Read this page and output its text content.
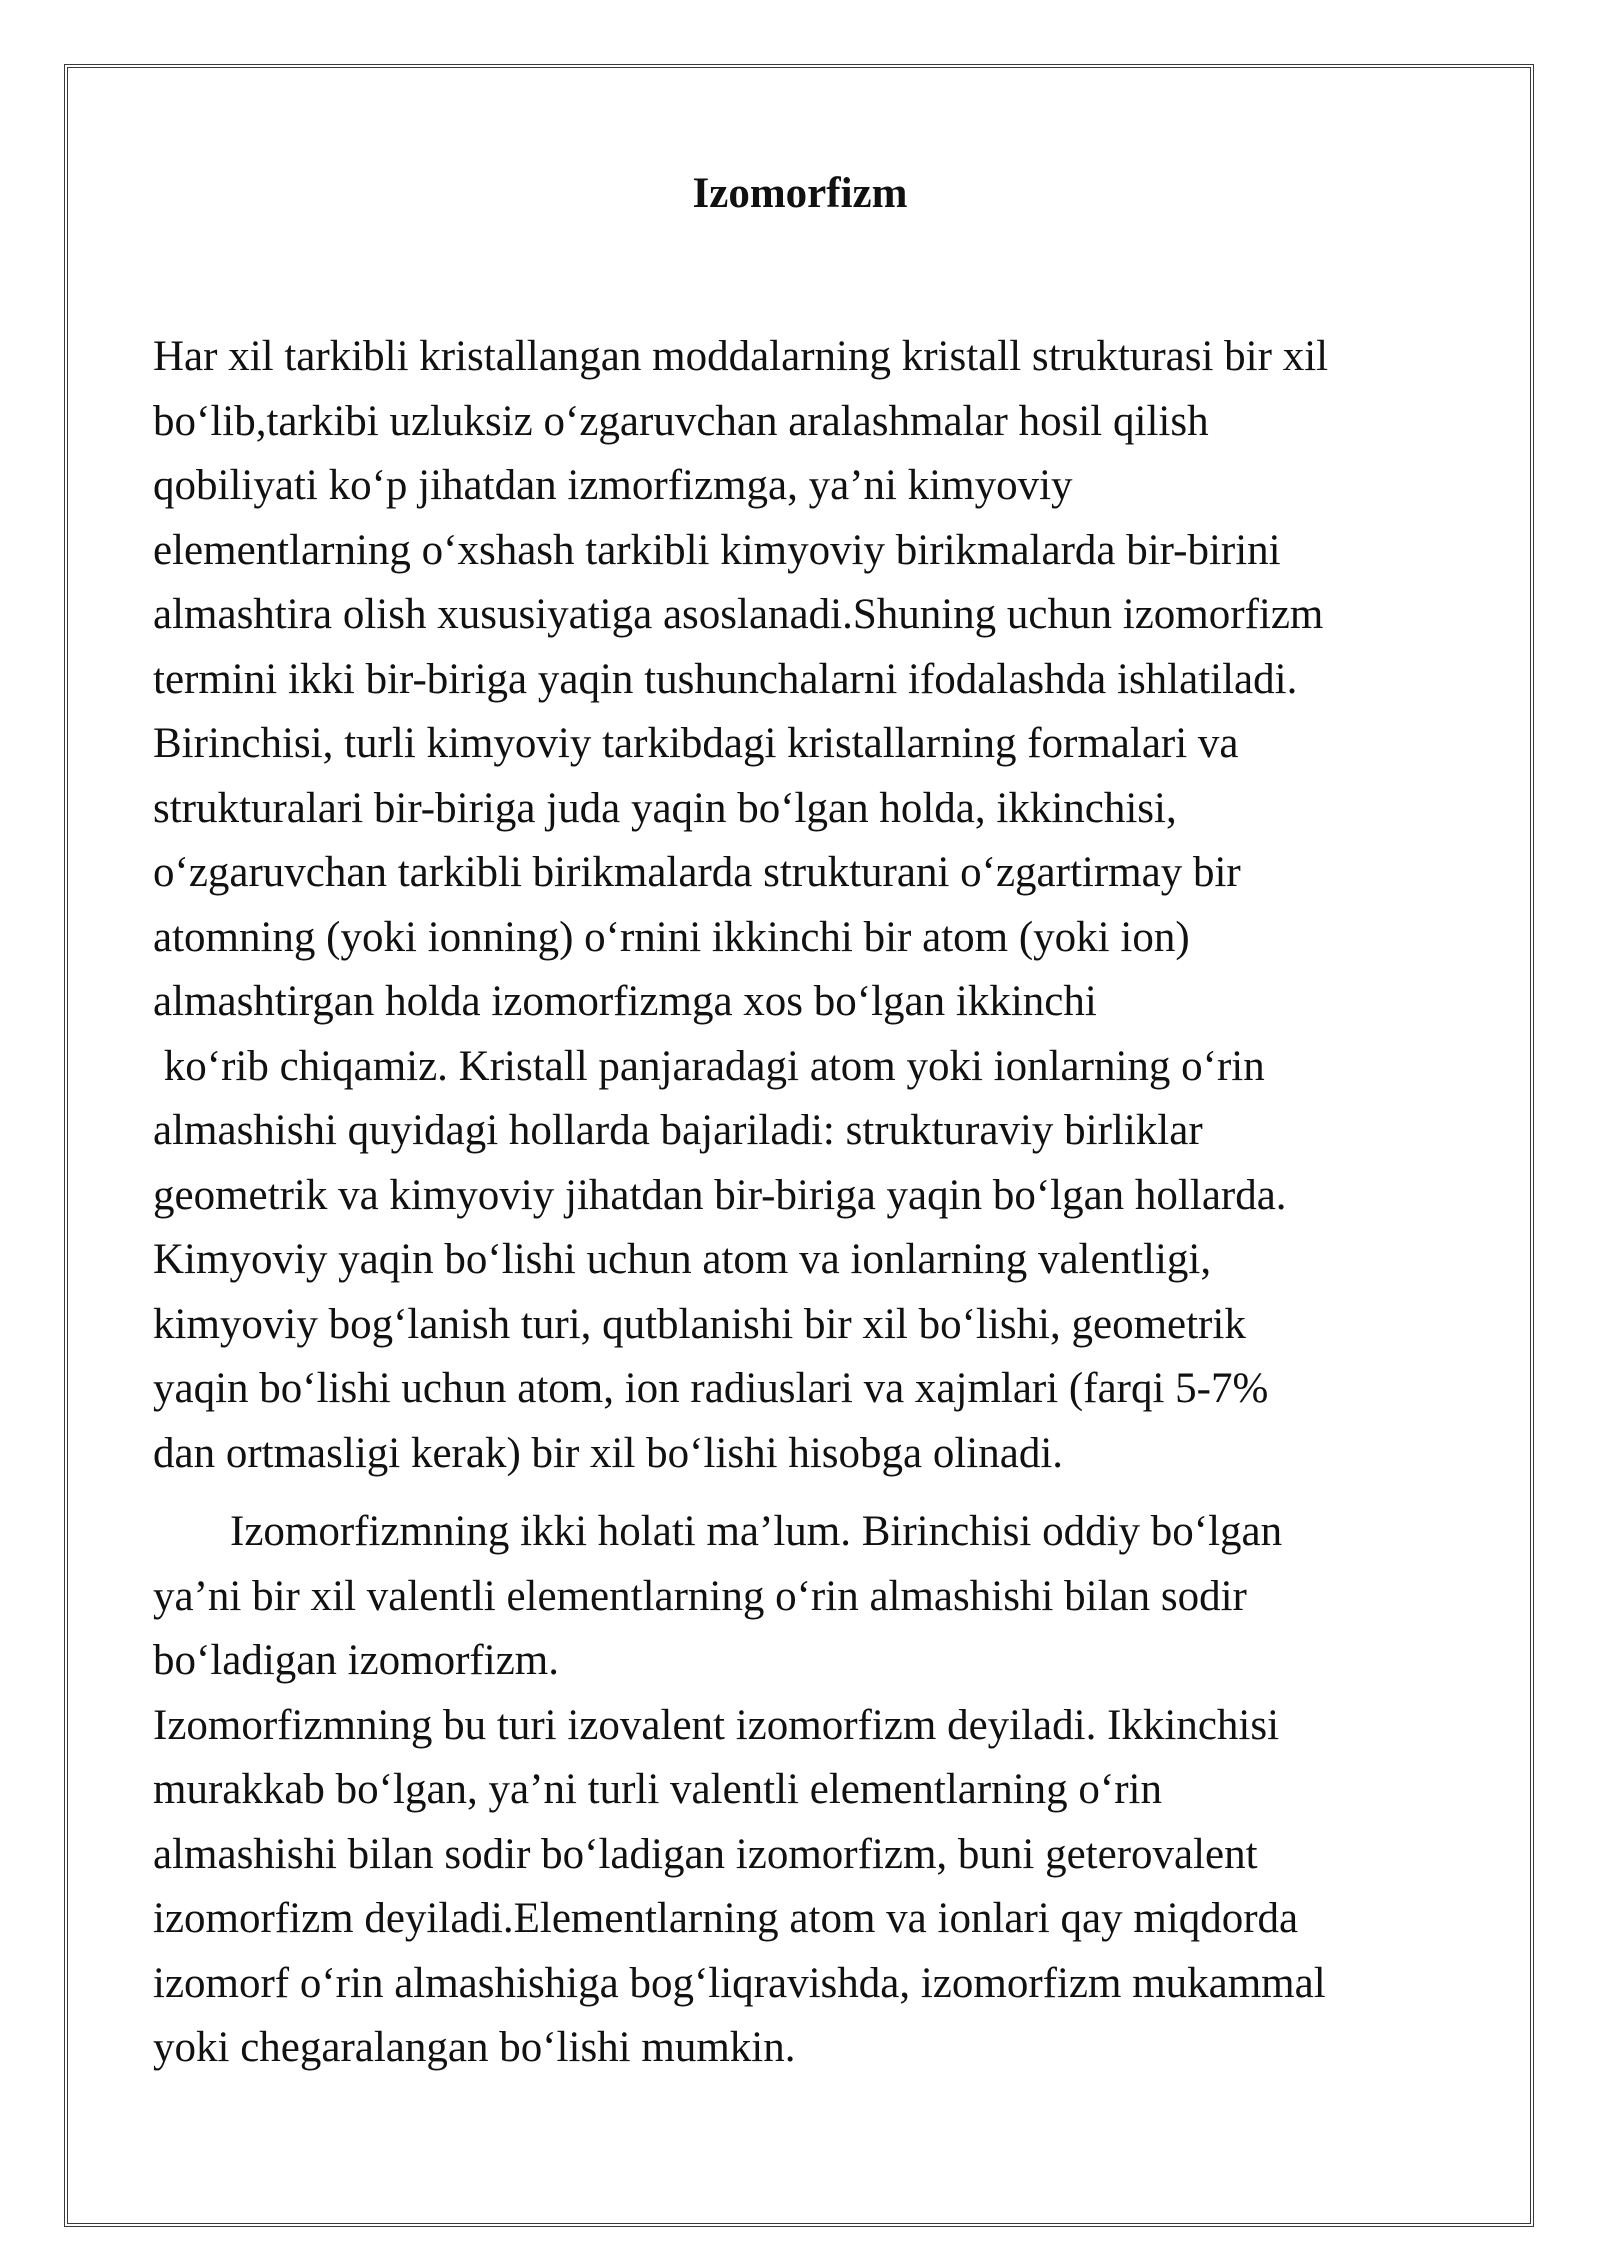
Izomorfizm

Har xil tarkibli kristallangan moddalarning kristall strukturasi bir xil
bo‘lib,tarkibi uzluksiz o‘zgaruvchan aralashmalar hosil qilish
qobiliyati ko‘p jihatdan izmorfizmga, ya’ni kimyoviy
elementlarning o‘xshash tarkibli kimyoviy birikmalarda bir-birini
almashtira olish xususiyatiga asoslanadi.Shuning uchun izomorfizm
termini ikki bir-biriga yaqin tushunchalarni ifodalashda ishlatiladi.
Birinchisi, turli kimyoviy tarkibdagi kristallarning formalari va
strukturalari bir-biriga juda yaqin bo‘lgan holda, ikkinchisi,
o‘zgaruvchan tarkibli birikmalarda strukturani o‘zgartirmay bir
atomning (yoki ionning) o‘rnini ikkinchi bir atom (yoki ion)
almashtirgan holda izomorfizmga xos bo‘lgan ikkinchi
ko‘rib chiqamiz. Kristall panjaradagi atom yoki ionlarning o‘rin
almashishi quyidagi hollarda bajariladi: strukturaviy birliklar
geometrik va kimyoviy jihatdan bir-biriga yaqin bo‘lgan hollarda.
Kimyoviy yaqin bo‘lishi uchun atom va ionlarning valentligi,
kimyoviy bog‘lanish turi, qutblanishi bir xil bo‘lishi, geometrik
yaqin bo‘lishi uchun atom, ion radiuslari va xajmlari (farqi 5-7%
dan ortmasligi kerak) bir xil bo‘lishi hisobga olinadi.

Izomorfizmning ikki holati ma’lum. Birinchisi oddiy bo‘lgan
ya’ni bir xil valentli elementlarning o‘rin almashishi bilan sodir
bo‘ladigan izomorfizm.

Izomorfizmning bu turi izovalent izomorfizm deyiladi. Ikkinchisi
murakkab bo‘lgan, ya’ni turli valentli elementlarning o‘rin
almashishi bilan sodir bo‘ladigan izomorfizm, buni geterovalent
izomorfizm deyiladi.Elementlarning atom va ionlari qay miqdorda
izomorf o‘rin almashishiga bog‘liqravishda, izomorfizm mukammal
yoki chegaralangan bo‘lishi mumkin.
